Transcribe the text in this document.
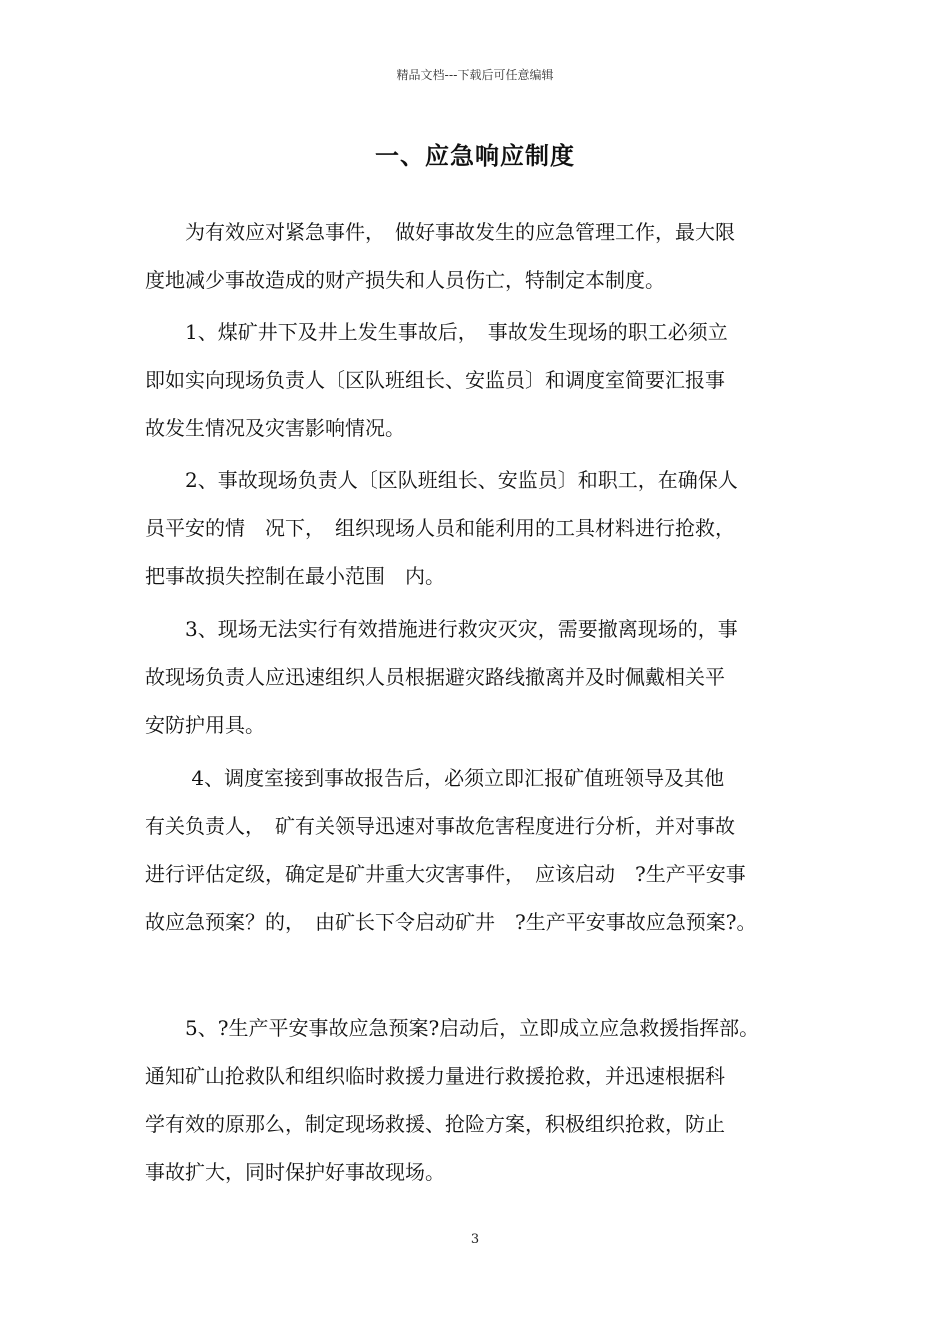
精品文档---下载后可任意编辑
一、应急响应制度
　　为有效应对紧急事件，　做好事故发生的应急管理工作，最大限
度地减少事故造成的财产损失和人员伤亡，特制定本制度。
　　1、煤矿井下及井上发生事故后，　事故发生现场的职工必须立
即如实向现场负责人〔区队班组长、安监员〕和调度室简要汇报事
故发生情况及灾害影响情况。
　　2、事故现场负责人〔区队班组长、安监员〕和职工，在确保人
员平安的情　况下，　组织现场人员和能利用的工具材料进行抢救，
把事故损失控制在最小范围　内。
　　3、现场无法实行有效措施进行救灾灭灾，需要撤离现场的，事
故现场负责人应迅速组织人员根据避灾路线撤离并及时佩戴相关平
安防护用具。
　　 4、调度室接到事故报告后，必须立即汇报矿值班领导及其他
有关负责人，　矿有关领导迅速对事故危害程度进行分析，并对事故
进行评估定级，确定是矿井重大灾害事件，　应该启动　?生产平安事
故应急预案？的，　由矿长下令启动矿井　?生产平安事故应急预案?。
　　5、?生产平安事故应急预案?启动后，立即成立应急救援指挥部。
通知矿山抢救队和组织临时救援力量进行救援抢救，并迅速根据科
学有效的原那么，制定现场救援、抢险方案，积极组织抢救，防止
事故扩大，同时保护好事故现场。
3
